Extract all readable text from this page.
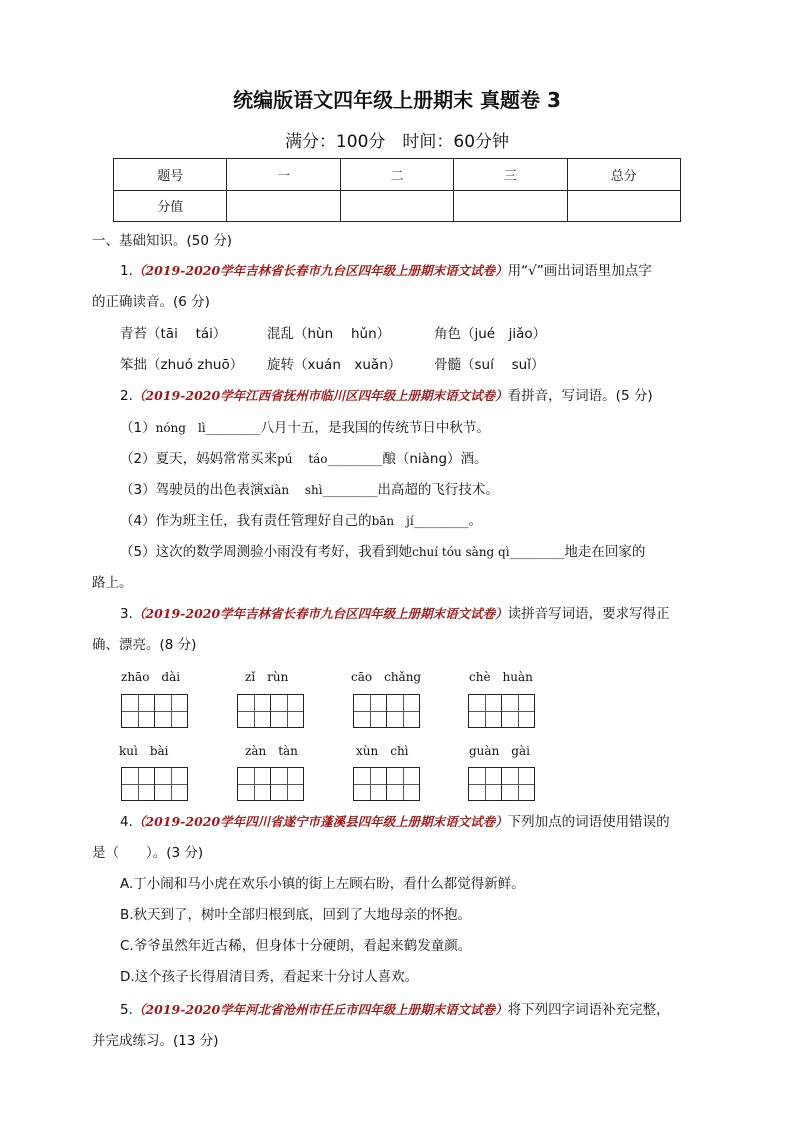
统编版语文四年级上册期末 真题卷 3
满分：100分　时间：60分钟
题号	一	二	三	总分
分值				
一、基础知识。(50 分)
1.（2019-2020学年吉林省长春市九台区四年级上册期末语文试卷）用“√”画出词语里加点字
的正确读音。(6 分)
青苔（tāi　 tái）	混乱（hùn　 hǔn）	角色（jué　jiǎo）
笨拙（zhuó zhuō） 旋转（xuán　xuǎn） 骨髓（suí　 suǐ）
2.（2019-2020学年江西省抚州市临川区四年级上册期末语文试卷）看拼音，写词语。(5 分)
（1）nóng　lì_______八月十五，是我国的传统节日中秋节。
（2）夏天，妈妈常常买来pú　 táo_______酿（niàng）酒。
（3）驾驶员的出色表演xiàn　 shì_______出高超的飞行技术。
（4）作为班主任，我有责任管理好自己的bān　jí_______。
（5）这次的数学周测验小雨没有考好，我看到她chuí tóu sàng qì_______地走在回家的
路上。
3.（2019-2020学年吉林省长春市九台区四年级上册期末语文试卷）读拼音写词语，要求写得正
确、漂亮。(8 分)
zhāo　dài	zǐ　rùn	cāo　chǎng	chè　huàn
kuì　bài	zàn　tàn	xùn　chì	guàn　gài
4.（2019-2020学年四川省遂宁市蓬溪县四年级上册期末语文试卷）下列加点的词语使用错误的
是（　　）。(3 分)
A.丁小闹和马小虎在欢乐小镇的街上左顾右盼，看什么都觉得新鲜。
B.秋天到了，树叶全部归根到底，回到了大地母亲的怀抱。
C.爷爷虽然年近古稀，但身体十分硬朗，看起来鹤发童颜。
D.这个孩子长得眉清目秀，看起来十分讨人喜欢。
5.（2019-2020学年河北省沧州市任丘市四年级上册期末语文试卷）将下列四字词语补充完整，
并完成练习。(13 分)
